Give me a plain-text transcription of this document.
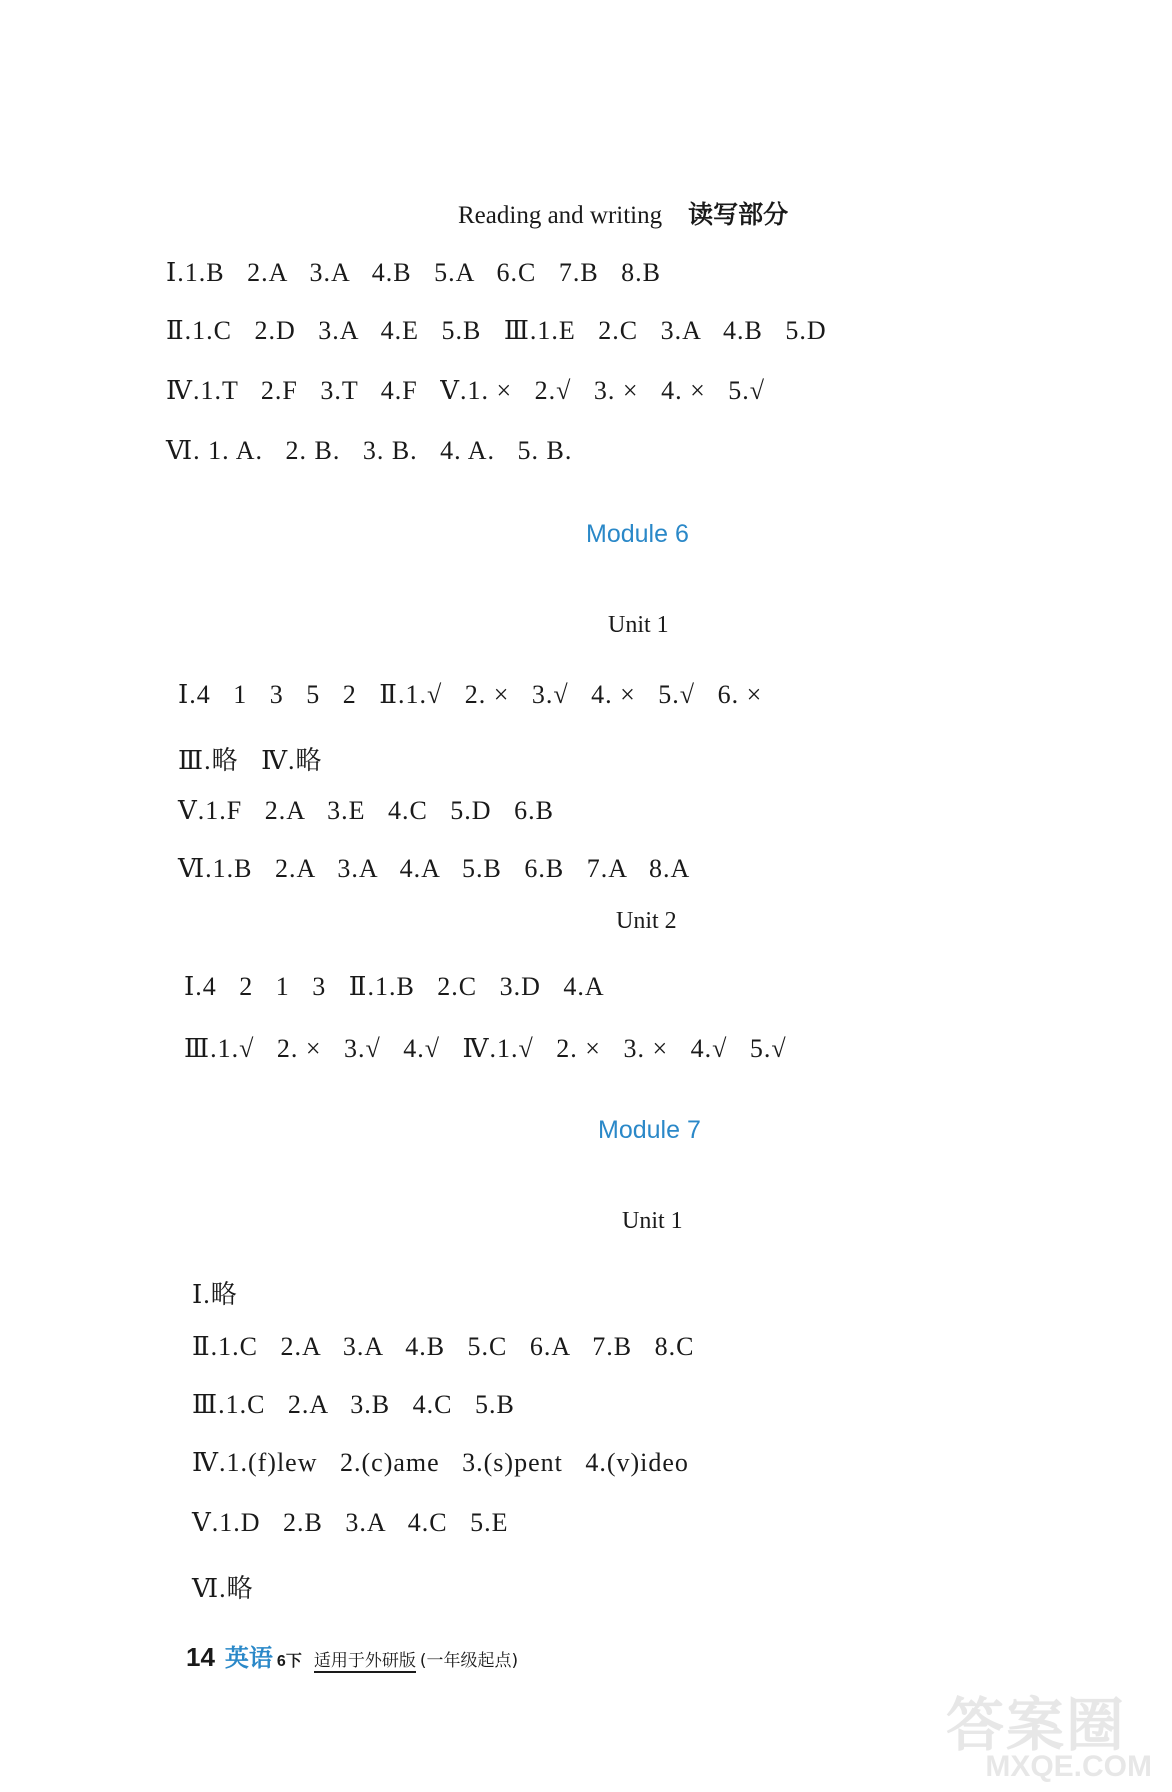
Reading and writing 读写部分
Ⅰ.1.B   2.A   3.A   4.B   5.A   6.C   7.B   8.B
Ⅱ.1.C   2.D   3.A   4.E   5.B   Ⅲ.1.E   2.C   3.A   4.B   5.D
Ⅳ.1.T   2.F   3.T   4.F   Ⅴ.1. ×   2.√   3. ×   4. ×   5.√
Ⅵ. 1. A.   2. B.   3. B.   4. A.   5. B.
Module 6
Unit 1
Ⅰ.4   1   3   5   2   Ⅱ.1.√   2. ×   3.√   4. ×   5.√   6. ×
Ⅲ.略   Ⅳ.略
Ⅴ.1.F   2.A   3.E   4.C   5.D   6.B
Ⅵ.1.B   2.A   3.A   4.A   5.B   6.B   7.A   8.A
Unit 2
Ⅰ.4   2   1   3   Ⅱ.1.B   2.C   3.D   4.A
Ⅲ.1.√   2. ×   3.√   4.√   Ⅳ.1.√   2. ×   3. ×   4.√   5.√
Module 7
Unit 1
Ⅰ.略
Ⅱ.1.C   2.A   3.A   4.B   5.C   6.A   7.B   8.C
Ⅲ.1.C   2.A   3.B   4.C   5.B
Ⅳ.1.(f)lew   2.(c)ame   3.(s)pent   4.(v)ideo
Ⅴ.1.D   2.B   3.A   4.C   5.E
Ⅵ.略
14 英语 6下 适用于外研版 (一年级起点)
答案圈
MXQE.COM
